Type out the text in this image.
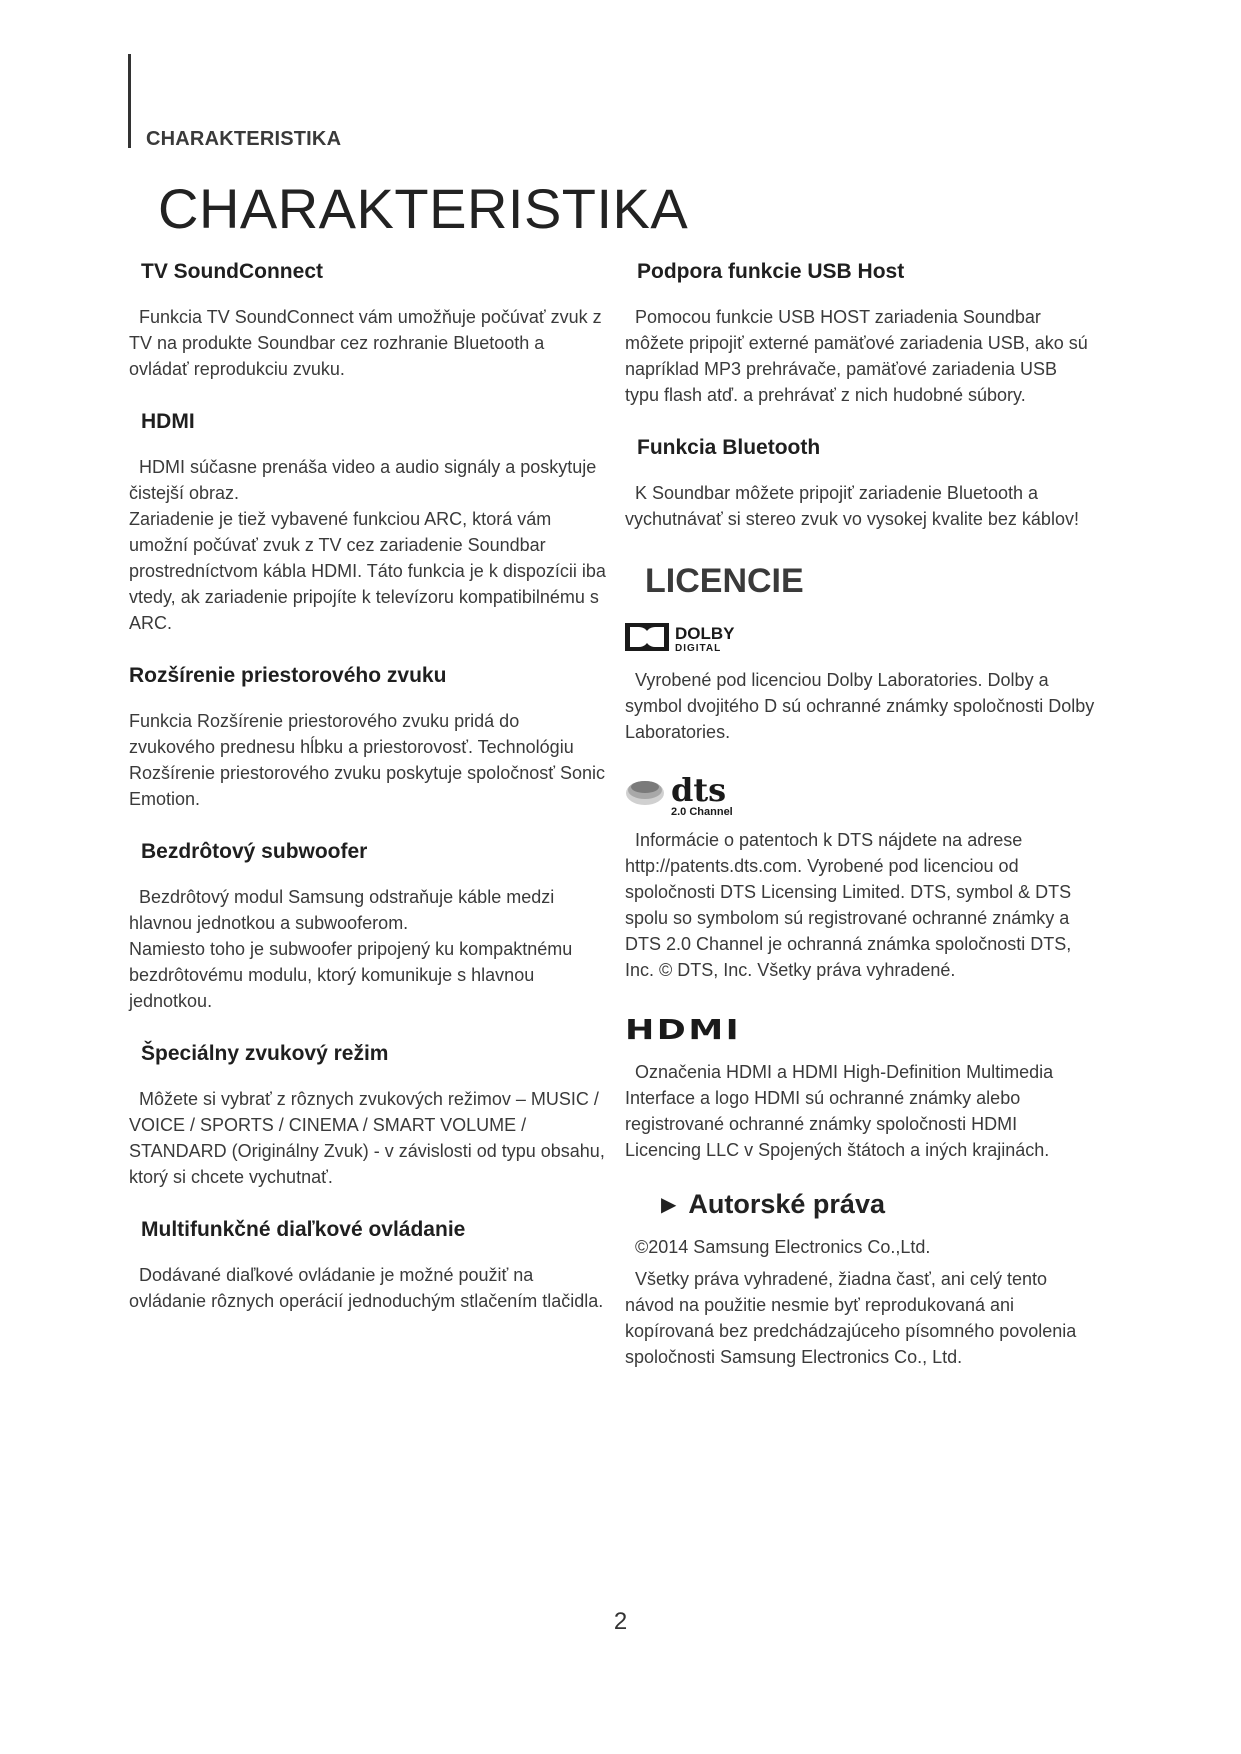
CHARAKTERISTIKA
CHARAKTERISTIKA
TV SoundConnect

Funkcia TV SoundConnect vám umožňuje počúvať zvuk z TV na produkte Soundbar cez rozhranie Bluetooth a ovládať reprodukciu zvuku.

HDMI

HDMI súčasne prenáša video a audio signály a poskytuje čistejší obraz.

Zariadenie je tiež vybavené funkciou ARC, ktorá vám umožní počúvať zvuk z TV cez zariadenie Soundbar prostredníctvom kábla HDMI. Táto funkcia je k dispozícii iba vtedy, ak zariadenie pripojíte k televízoru kompatibilnému s ARC.

Rozšírenie priestorového zvuku

Funkcia Rozšírenie priestorového zvuku pridá do zvukového prednesu hĺbku a priestorovosť. Technológiu Rozšírenie priestorového zvuku poskytuje spoločnosť Sonic Emotion.

Bezdrôtový subwoofer

Bezdrôtový modul Samsung odstraňuje káble medzi hlavnou jednotkou a subwooferom.

Namiesto toho je subwoofer pripojený ku kompaktnému bezdrôtovému modulu, ktorý komunikuje s hlavnou jednotkou.

Špeciálny zvukový režim

Môžete si vybrať z rôznych zvukových režimov – MUSIC / VOICE / SPORTS / CINEMA / SMART VOLUME / STANDARD (Originálny Zvuk) - v závislosti od typu obsahu, ktorý si chcete vychutnať.

Multifunkčné diaľkové ovládanie

Dodávané diaľkové ovládanie je možné použiť na ovládanie rôznych operácií jednoduchým stlačením tlačidla.

Podpora funkcie USB Host

Pomocou funkcie USB HOST zariadenia Soundbar môžete pripojiť externé pamäťové zariadenia USB, ako sú napríklad MP3 prehrávače, pamäťové zariadenia USB typu flash atď. a prehrávať z nich hudobné súbory.

Funkcia Bluetooth

K Soundbar môžete pripojiť zariadenie Bluetooth a vychutnávať si stereo zvuk vo vysokej kvalite bez káblov!

LICENCIE
DOLBY
DIGITAL

Vyrobené pod licenciou Dolby Laboratories. Dolby a symbol dvojitého D sú ochranné známky spoločnosti Dolby Laboratories.

dts
2.0 Channel

Informácie o patentoch k DTS nájdete na adrese http://patents.dts.com. Vyrobené pod licenciou od spoločnosti DTS Licensing Limited. DTS, symbol & DTS spolu so symbolom sú registrované ochranné známky a DTS 2.0 Channel je ochranná známka spoločnosti DTS, Inc. © DTS, Inc. Všetky práva vyhradené.

HDMI

Označenia HDMI a HDMI High-Definition Multimedia Interface a logo HDMI sú ochranné známky alebo registrované ochranné známky spoločnosti HDMI Licencing LLC v Spojených štátoch a iných krajinách.

▶ Autorské práva

©2014 Samsung Electronics Co.,Ltd.

Všetky práva vyhradené, žiadna časť, ani celý tento návod na použitie nesmie byť reprodukovaná ani kopírovaná bez predchádzajúceho písomného povolenia spoločnosti Samsung Electronics Co., Ltd.

2
